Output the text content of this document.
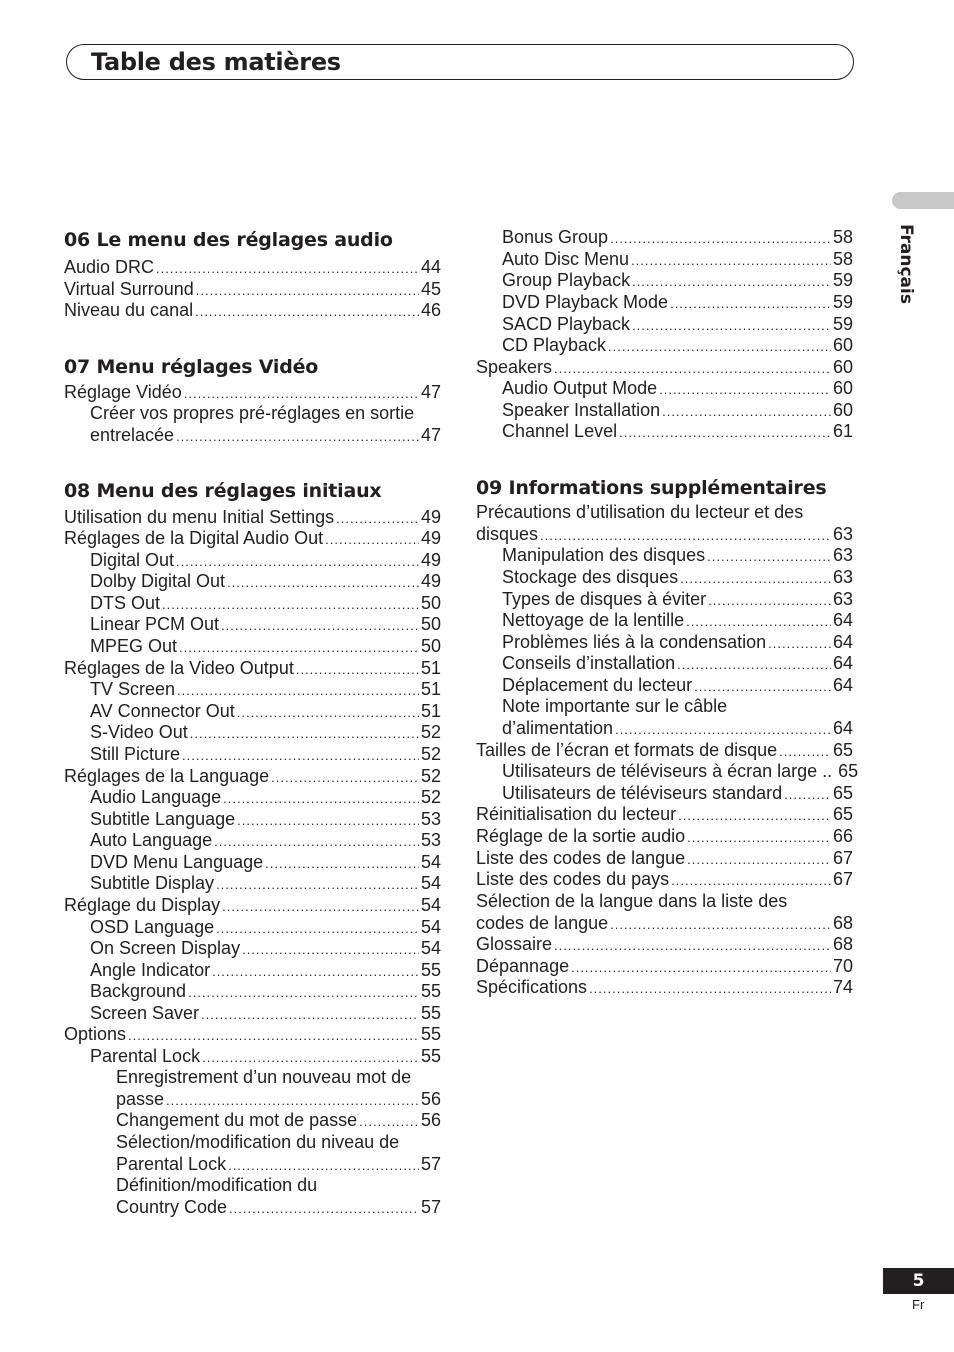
Table des matières
Français
06 Le menu des réglages audio
Audio DRC .....	44
Virtual Surround .....	45
Niveau du canal .....	46
07 Menu réglages Vidéo
Réglage Vidéo .....	47
Créer vos propres pré-réglages en sortie
entrelacée .....	47
08 Menu des réglages initiaux
Utilisation du menu Initial Settings .....	49
Réglages de la Digital Audio Out .....	49
Digital Out .....	49
Dolby Digital Out .....	49
DTS Out .....	50
Linear PCM Out .....	50
MPEG Out .....	50
Réglages de la Video Output .....	51
TV Screen .....	51
AV Connector Out .....	51
S-Video Out .....	52
Still Picture .....	52
Réglages de la Language .....	52
Audio Language .....	52
Subtitle Language .....	53
Auto Language .....	53
DVD Menu Language .....	54
Subtitle Display .....	54
Réglage du Display .....	54
OSD Language .....	54
On Screen Display .....	54
Angle Indicator .....	55
Background .....	55
Screen Saver .....	55
Options .....	55
Parental Lock .....	55
Enregistrement d’un nouveau mot de
passe .....	56
Changement du mot de passe .....	56
Sélection/modification du niveau de
Parental Lock .....	57
Définition/modification du
Country Code .....	57
Bonus Group .....	58
Auto Disc Menu .....	58
Group Playback .....	59
DVD Playback Mode .....	59
SACD Playback .....	59
CD Playback .....	60
Speakers .....	60
Audio Output Mode .....	60
Speaker Installation .....	60
Channel Level .....	61
09 Informations supplémentaires
Précautions d’utilisation du lecteur et des
disques .....	63
Manipulation des disques .....	63
Stockage des disques .....	63
Types de disques à éviter .....	63
Nettoyage de la lentille .....	64
Problèmes liés à la condensation .....	64
Conseils d’installation .....	64
Déplacement du lecteur .....	64
Note importante sur le câble
d’alimentation .....	64
Tailles de l’écran et formats de disque .....	65
Utilisateurs de téléviseurs à écran large .. 65
Utilisateurs de téléviseurs standard .....	65
Réinitialisation du lecteur .....	65
Réglage de la sortie audio .....	66
Liste des codes de langue .....	67
Liste des codes du pays .....	67
Sélection de la langue dans la liste des
codes de langue .....	68
Glossaire .....	68
Dépannage .....	70
Spécifications .....	74
5
Fr
